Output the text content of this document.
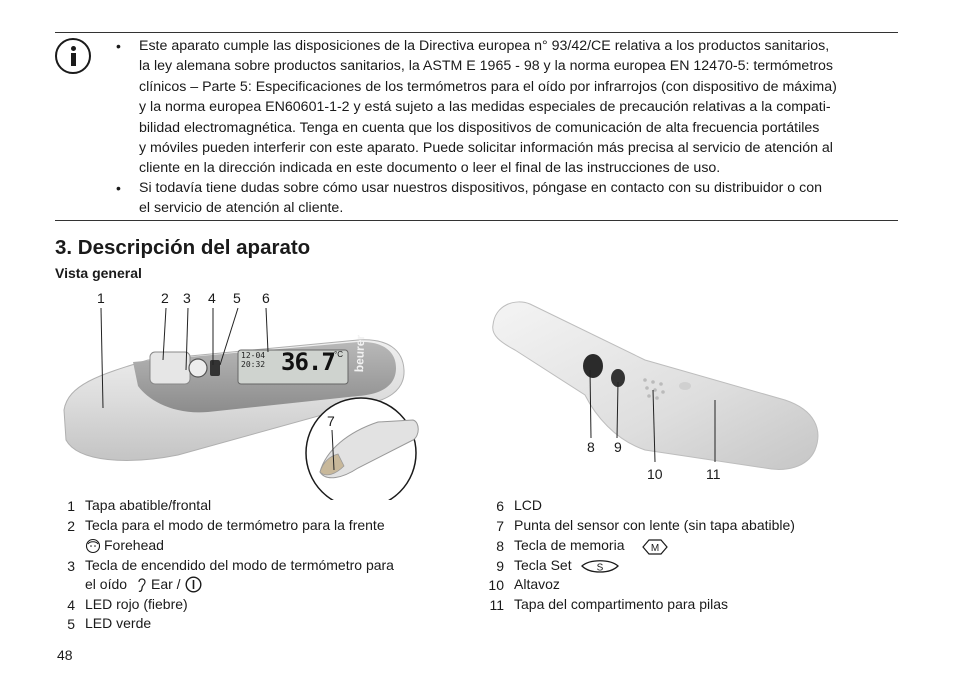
• Este aparato cumple las disposiciones de la Directiva europea n° 93/42/CE relativa a los productos sanitarios,
la ley alemana sobre productos sanitarios, la ASTM E 1965 - 98 y la norma europea EN 12470-5: termómetros
clínicos – Parte 5: Especificaciones de los termómetros para el oído por infrarrojos (con dispositivo de máxima)
y la norma europea EN60601-1-2 y está sujeto a las medidas especiales de precaución relativas a la compati-
bilidad electromagnética. Tenga en cuenta que los dispositivos de comunicación de alta frecuencia portátiles
y móviles pueden interferir con este aparato. Puede solicitar información más precisa al servicio de atención al
cliente en la dirección indicada en este documento o leer el final de las instrucciones de uso.
• Si todavía tiene dudas sobre cómo usar nuestros dispositivos, póngase en contacto con su distribuidor o con
el servicio de atención al cliente.
3. Descripción del aparato
Vista general
12-04
20:32 36.7 °C beurer
1	2 3 4 5 6
7
8 9
10	11
1 Tapa abatible/frontal
2 Tecla para el modo de termómetro para la frente
Forehead
3 Tecla de encendido del modo de termómetro para
el oído Ear /
4 LED rojo (fiebre)
5 LED verde
6 LCD
7 Punta del sensor con lente (sin tapa abatible)
8 Tecla de memoria	M
9 Tecla Set	S
10 Altavoz
11 Tapa del compartimento para pilas
48
